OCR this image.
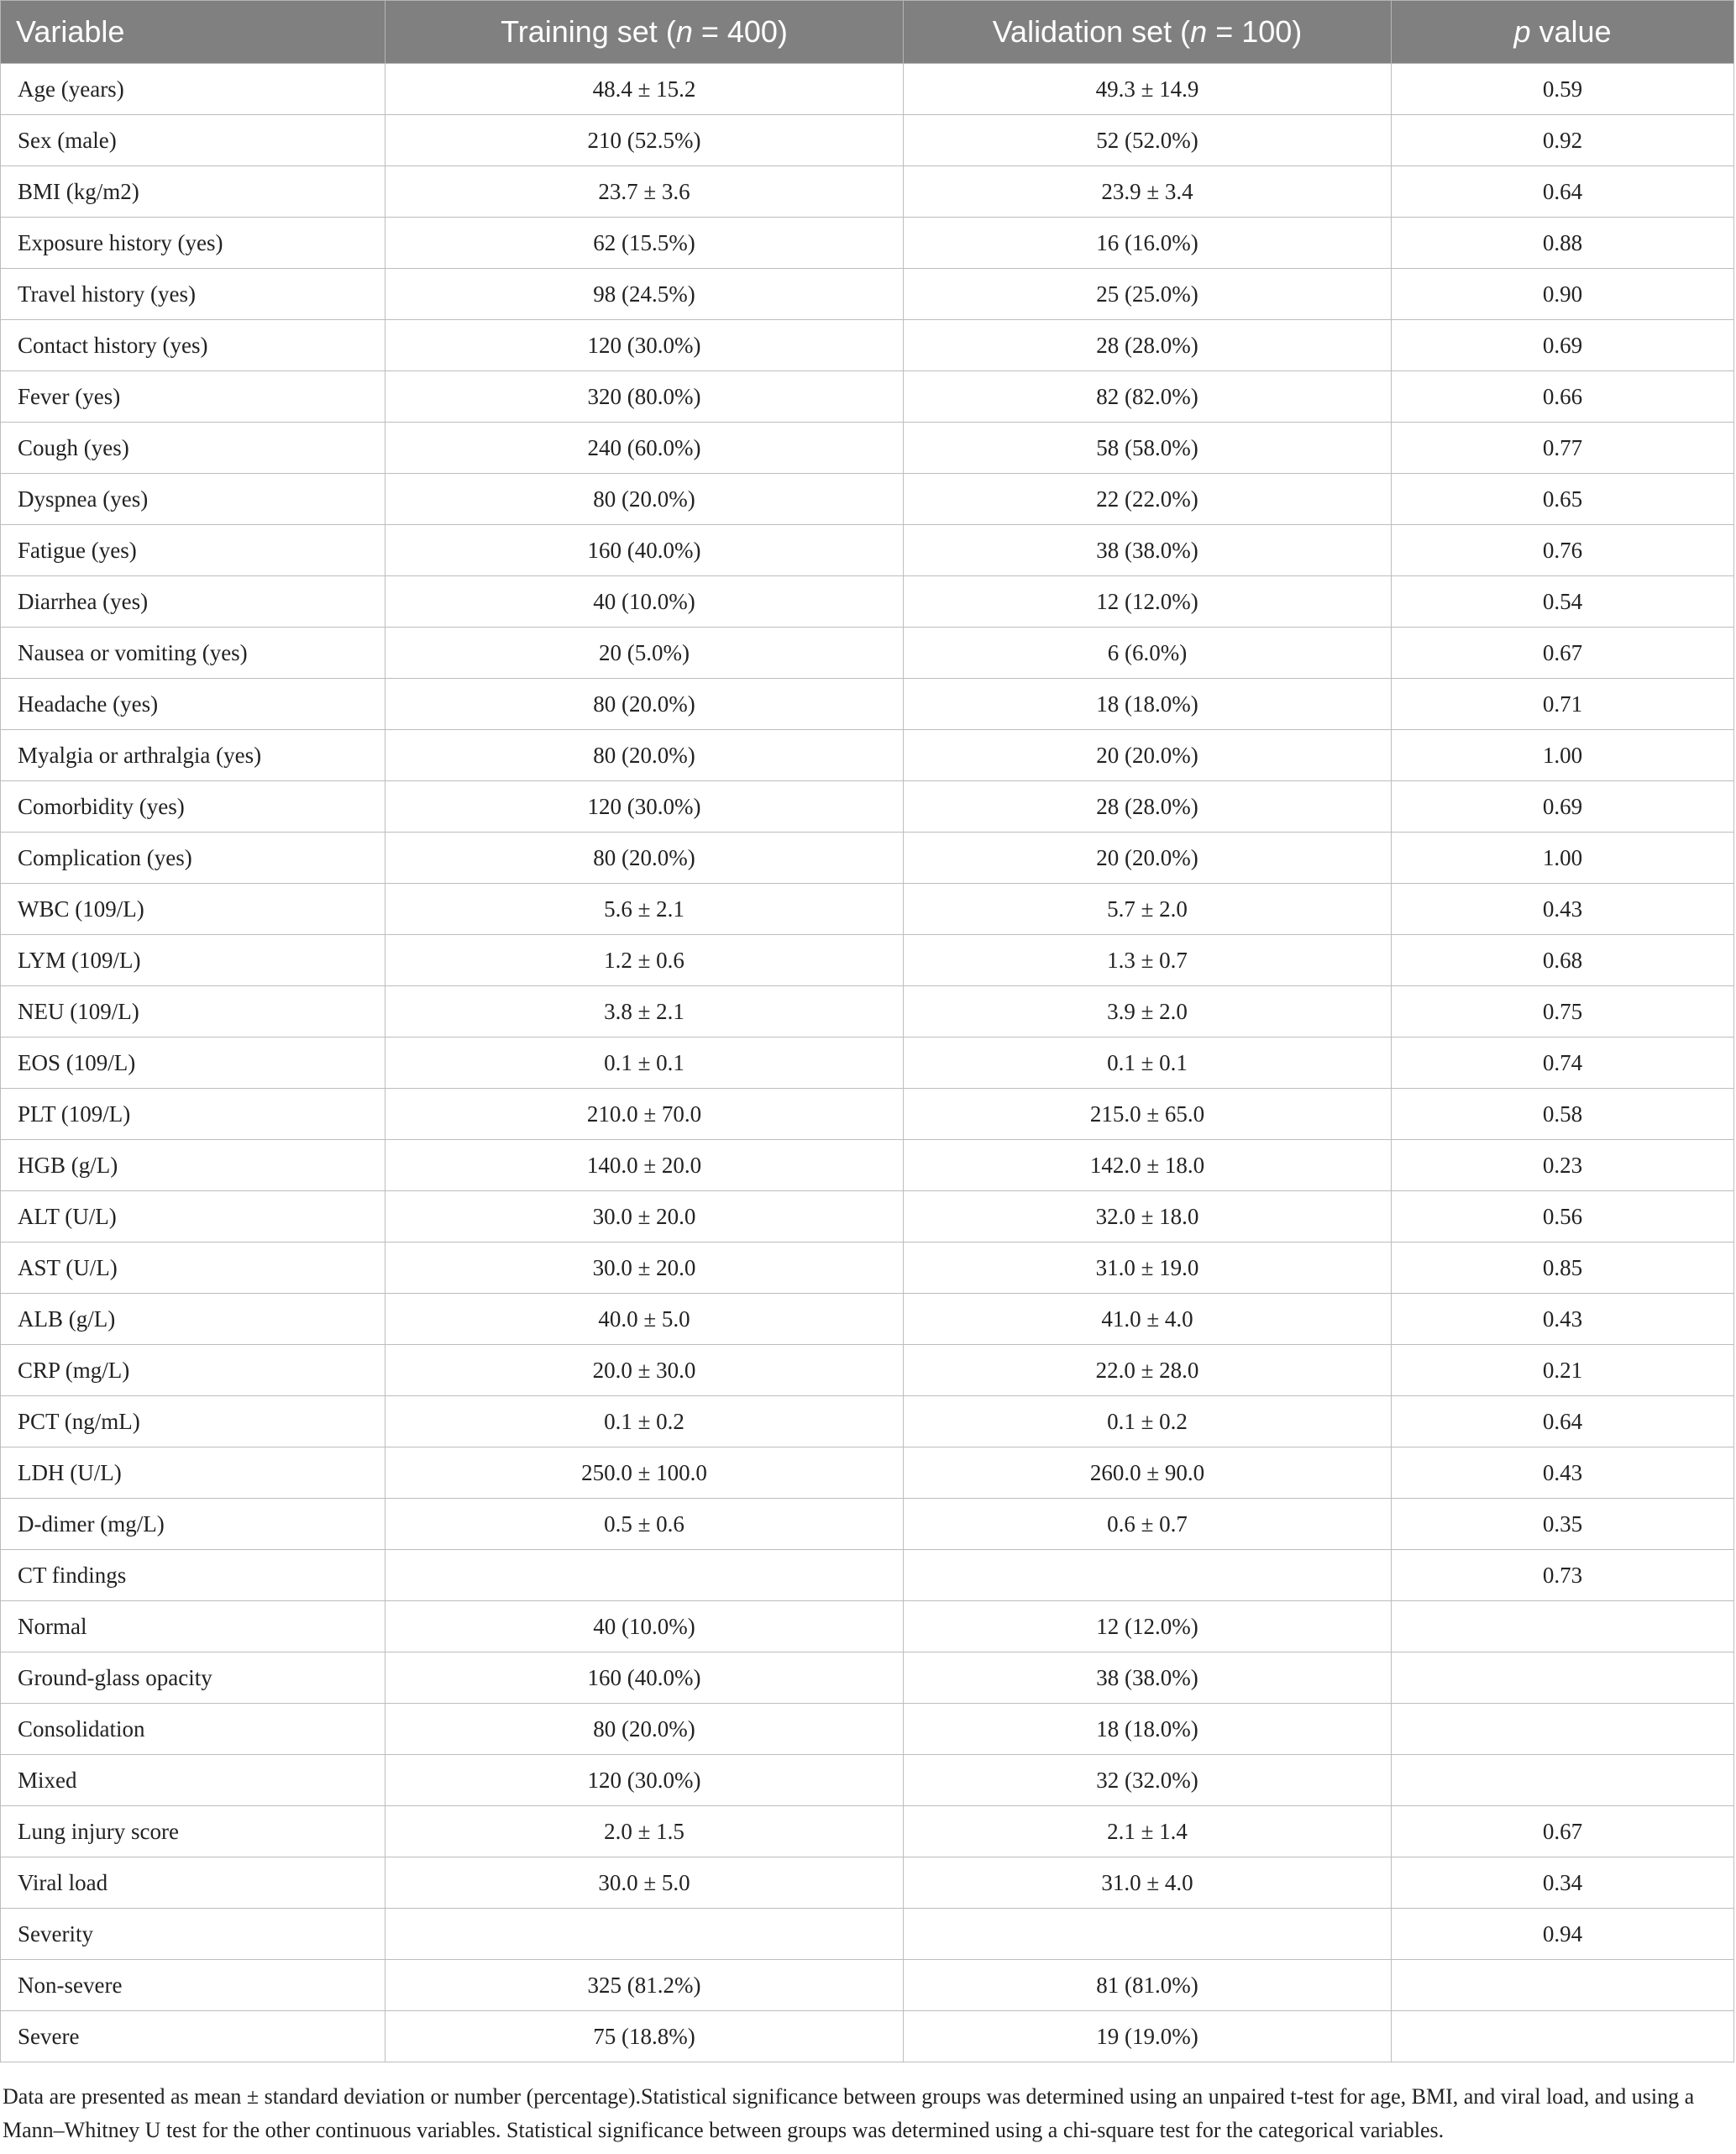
Variable	Training set (n = 400)	Validation set (n = 100)	p value
Age (years)	48.4 ± 15.2	49.3 ± 14.9	0.59
Sex (male)	210 (52.5%)	52 (52.0%)	0.92
BMI (kg/m2)	23.7 ± 3.6	23.9 ± 3.4	0.64
Exposure history (yes)	62 (15.5%)	16 (16.0%)	0.88
Travel history (yes)	98 (24.5%)	25 (25.0%)	0.90
Contact history (yes)	120 (30.0%)	28 (28.0%)	0.69
Fever (yes)	320 (80.0%)	82 (82.0%)	0.66
Cough (yes)	240 (60.0%)	58 (58.0%)	0.77
Dyspnea (yes)	80 (20.0%)	22 (22.0%)	0.65
Fatigue (yes)	160 (40.0%)	38 (38.0%)	0.76
Diarrhea (yes)	40 (10.0%)	12 (12.0%)	0.54
Nausea or vomiting (yes)	20 (5.0%)	6 (6.0%)	0.67
Headache (yes)	80 (20.0%)	18 (18.0%)	0.71
Myalgia or arthralgia (yes)	80 (20.0%)	20 (20.0%)	1.00
Comorbidity (yes)	120 (30.0%)	28 (28.0%)	0.69
Complication (yes)	80 (20.0%)	20 (20.0%)	1.00
WBC (109/L)	5.6 ± 2.1	5.7 ± 2.0	0.43
LYM (109/L)	1.2 ± 0.6	1.3 ± 0.7	0.68
NEU (109/L)	3.8 ± 2.1	3.9 ± 2.0	0.75
EOS (109/L)	0.1 ± 0.1	0.1 ± 0.1	0.74
PLT (109/L)	210.0 ± 70.0	215.0 ± 65.0	0.58
HGB (g/L)	140.0 ± 20.0	142.0 ± 18.0	0.23
ALT (U/L)	30.0 ± 20.0	32.0 ± 18.0	0.56
AST (U/L)	30.0 ± 20.0	31.0 ± 19.0	0.85
ALB (g/L)	40.0 ± 5.0	41.0 ± 4.0	0.43
CRP (mg/L)	20.0 ± 30.0	22.0 ± 28.0	0.21
PCT (ng/mL)	0.1 ± 0.2	0.1 ± 0.2	0.64
LDH (U/L)	250.0 ± 100.0	260.0 ± 90.0	0.43
D-dimer (mg/L)	0.5 ± 0.6	0.6 ± 0.7	0.35
CT findings			0.73
Normal	40 (10.0%)	12 (12.0%)	
Ground-glass opacity	160 (40.0%)	38 (38.0%)	
Consolidation	80 (20.0%)	18 (18.0%)	
Mixed	120 (30.0%)	32 (32.0%)	
Lung injury score	2.0 ± 1.5	2.1 ± 1.4	0.67
Viral load	30.0 ± 5.0	31.0 ± 4.0	0.34
Severity			0.94
Non-severe	325 (81.2%)	81 (81.0%)	
Severe	75 (18.8%)	19 (19.0%)	
Data are presented as mean ± standard deviation or number (percentage).Statistical significance between groups was determined using an unpaired t-test for age, BMI, and viral load, and using a Mann–Whitney U test for the other continuous variables. Statistical significance between groups was determined using a chi-square test for the categorical variables.
